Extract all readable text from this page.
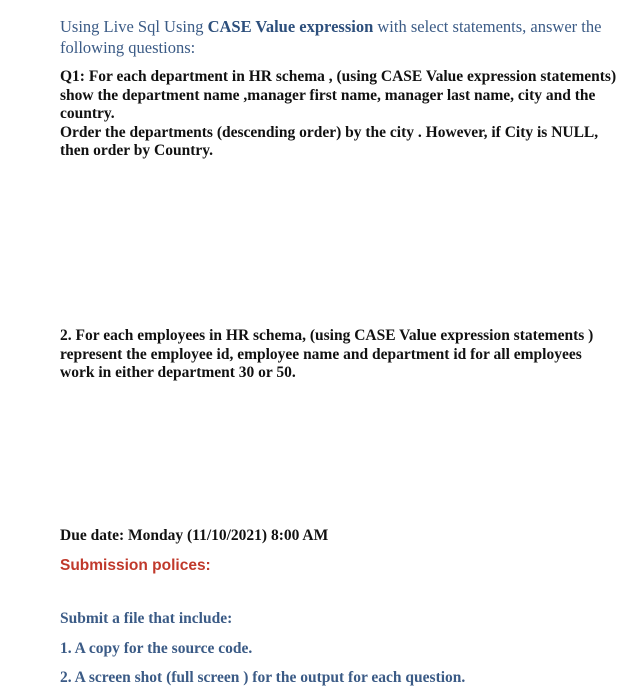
Using Live Sql Using CASE Value expression with select statements, answer the following questions:

Q1: For each department in HR schema , (using CASE Value expression statements) show the department name ,manager first name, manager last name, city and the country.

Order the departments (descending order) by the city . However, if City is NULL, then order by Country.

2. For each employees in HR schema, (using CASE Value expression statements ) represent the employee id, employee name and department id for all employees work in either department 30 or 50.

Due date: Monday (11/10/2021) 8:00 AM
Submission polices:
Submit a file that include:
1. A copy for the source code.
2. A screen shot (full screen ) for the output for each question.
